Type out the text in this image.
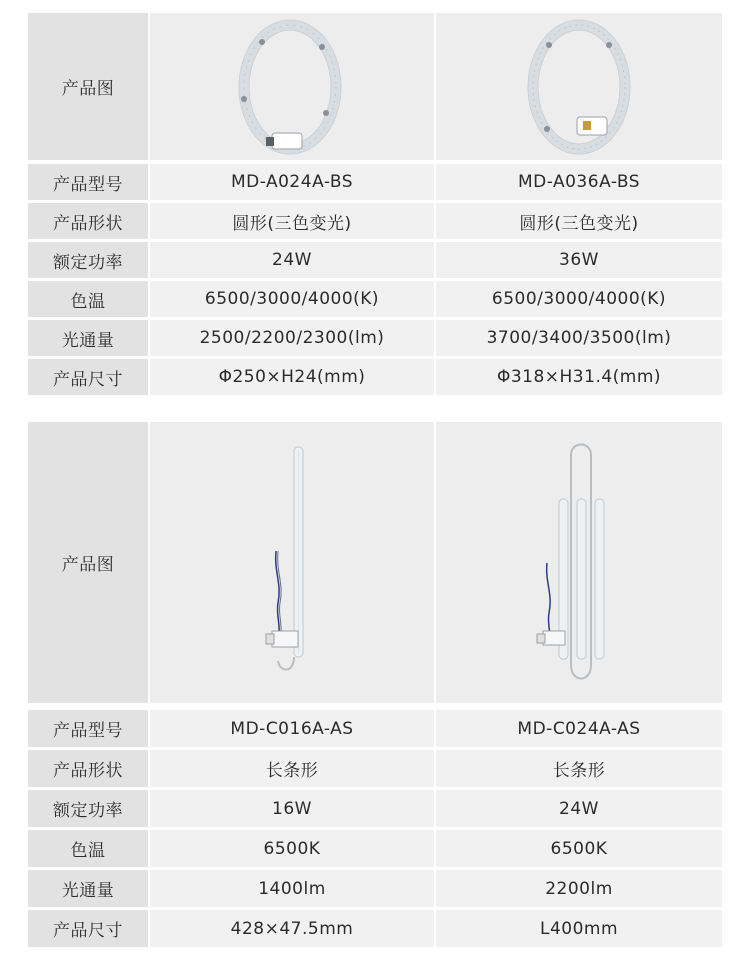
产品图
产品型号	MD-A024A-BS	MD-A036A-BS
产品形状	圆形(三色变光)	圆形(三色变光)
额定功率	24W	36W
色温	6500/3000/4000(K)	6500/3000/4000(K)
光通量	2500/2200/2300(lm)	3700/3400/3500(lm)
产品尺寸	Φ250×H24(mm)	Φ318×H31.4(mm)
产品图
产品型号	MD-C016A-AS	MD-C024A-AS
产品形状	长条形	长条形
额定功率	16W	24W
色温	6500K	6500K
光通量	1400lm	2200lm
产品尺寸	428×47.5mm	L400mm
